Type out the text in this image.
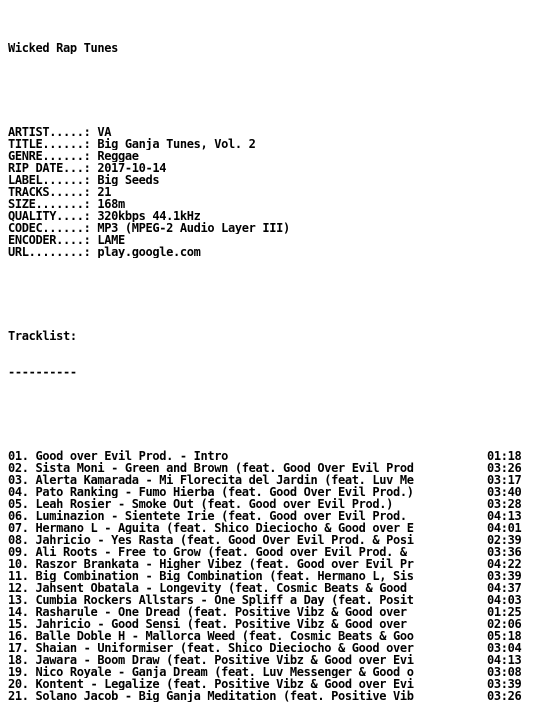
Wicked Rap Tunes

ARTIST.....: VA
TITLE......: Big Ganja Tunes, Vol. 2
GENRE......: Reggae
RIP DATE...: 2017-10-14
LABEL......: Big Seeds
TRACKS.....: 21
SIZE.......: 168m
QUALITY....: 320kbps 44.1kHz
CODEC......: MP3 (MPEG-2 Audio Layer III)
ENCODER....: LAME
URL........: play.google.com

Tracklist:

----------

01. Good over Evil Prod. - Intro	01:18
02. Sista Moni - Green and Brown (feat. Good Over Evil Prod	03:26
03. Alerta Kamarada - Mi Florecita del Jardin (feat. Luv Me	03:17
04. Pato Ranking - Fumo Hierba (feat. Good Over Evil Prod.)	03:40
05. Leah Rosier - Smoke Out (feat. Good over Evil Prod.)	03:28
06. Luminazion - Sientete Irie (feat. Good over Evil Prod.	04:13
07. Hermano L - Aguita (feat. Shico Dieciocho & Good over E	04:01
08. Jahricio - Yes Rasta (feat. Good Over Evil Prod. & Posi	02:39
09. Ali Roots - Free to Grow (feat. Good over Evil Prod. &	03:36
10. Raszor Brankata - Higher Vibez (feat. Good over Evil Pr	04:22
11. Big Combination - Big Combination (feat. Hermano L, Sis	03:39
12. Jahsent Obatala - Longevity (feat. Cosmic Beats & Good	04:37
13. Cumbia Rockers Allstars - One Spliff a Day (feat. Posit	04:03
14. Rasharule - One Dread (feat. Positive Vibz & Good over	01:25
15. Jahricio - Good Sensi (feat. Positive Vibz & Good over	02:06
16. Balle Doble H - Mallorca Weed (feat. Cosmic Beats & Goo	05:18
17. Shaian - Uniformiser (feat. Shico Dieciocho & Good over	03:04
18. Jawara - Boom Draw (feat. Positive Vibz & Good over Evi	04:13
19. Nico Royale - Ganja Dream (feat. Luv Messenger & Good o	03:08
20. Kontent - Legalize (feat. Positive Vibz & Good over Evi	03:39
21. Solano Jacob - Big Ganja Meditation (feat. Positive Vib	03:26
